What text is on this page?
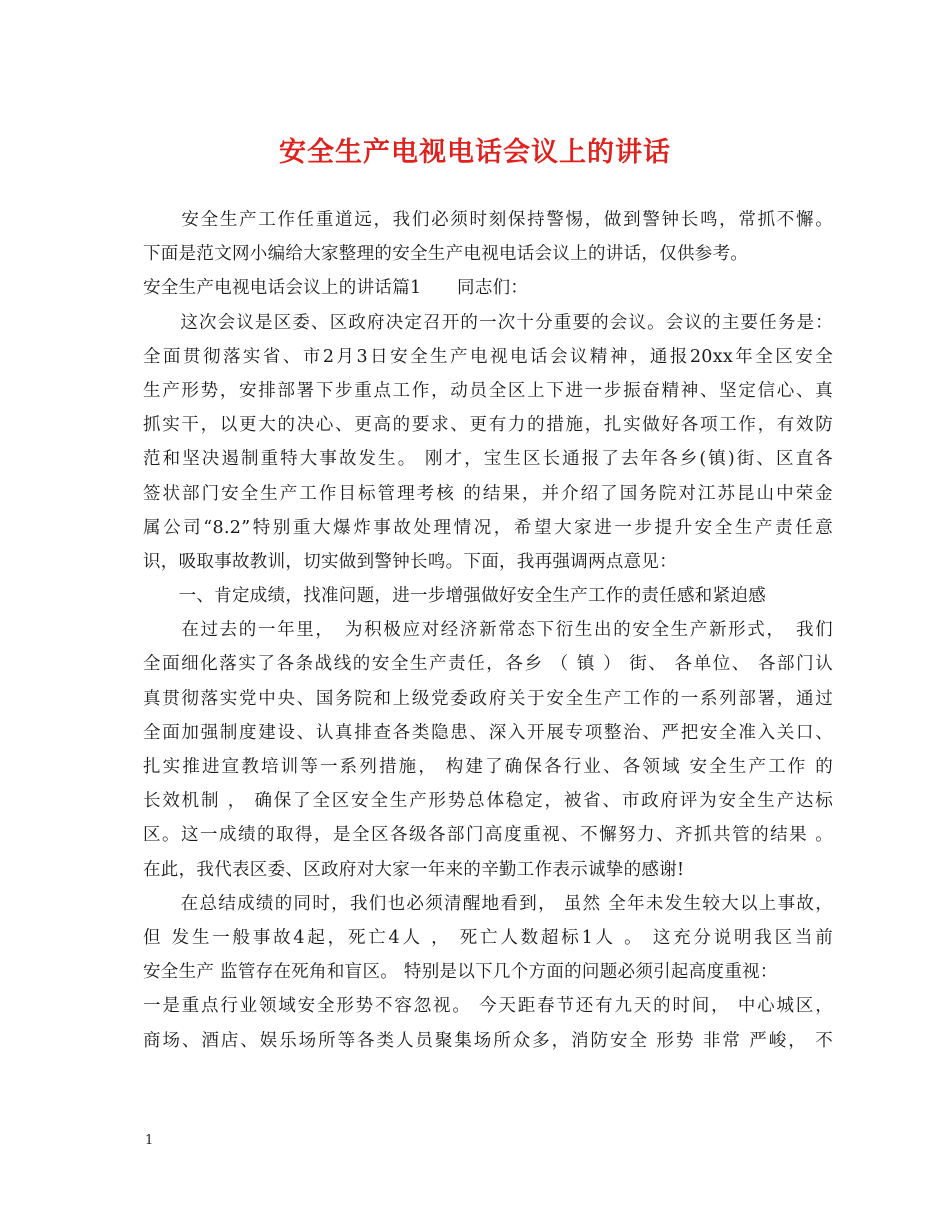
安全生产电视电话会议上的讲话
　　安全生产工作任重道远，我们必须时刻保持警惕，做到警钟长鸣，常抓不懈。
下面是范文网小编给大家整理的安全生产电视电话会议上的讲话，仅供参考。
安全生产电视电话会议上的讲话篇1　　同志们：
　　这次会议是区委、区政府决定召开的一次十分重要的会议。会议的主要任务是：
全面贯彻落实省、市2月3日安全生产电视电话会议精神，通报20xx年全区安全
生产形势，安排部署下步重点工作，动员全区上下进一步振奋精神、坚定信心、真
抓实干，以更大的决心、更高的要求、更有力的措施，扎实做好各项工作，有效防
范和坚决遏制重特大事故发生。 刚才，宝生区长通报了去年各乡(镇)街、区直各
签状部门安全生产工作目标管理考核 的结果，并介绍了国务院对江苏昆山中荣金
属公司“8.2”特别重大爆炸事故处理情况，希望大家进一步提升安全生产责任意
识，吸取事故教训，切实做到警钟长鸣。下面，我再强调两点意见：
　　一、肯定成绩，找准问题，进一步增强做好安全生产工作的责任感和紧迫感
　　在过去的一年里，　为积极应对经济新常态下衍生出的安全生产新形式，　我们
全面细化落实了各条战线的安全生产责任，各乡 （ 镇 ） 街、 各单位、 各部门认
真贯彻落实党中央、国务院和上级党委政府关于安全生产工作的一系列部署，通过
全面加强制度建设、认真排查各类隐患、深入开展专项整治、严把安全准入关口、
扎实推进宣教培训等一系列措施， 构建了确保各行业、各领域 安全生产工作 的
长效机制 ， 确保了全区安全生产形势总体稳定，被省、市政府评为安全生产达标
区。这一成绩的取得，是全区各级各部门高度重视、不懈努力、齐抓共管的结果 。
在此，我代表区委、区政府对大家一年来的辛勤工作表示诚挚的感谢!
　　在总结成绩的同时，我们也必须清醒地看到， 虽然 全年未发生较大以上事故，
但 发生一般事故4起，死亡4人 ， 死亡人数超标1人 。 这充分说明我区当前
安全生产 监管存在死角和盲区。 特别是以下几个方面的问题必须引起高度重视：
一是重点行业领域安全形势不容忽视。 今天距春节还有九天的时间， 中心城区，
商场、酒店、娱乐场所等各类人员聚集场所众多，消防安全 形势 非常 严峻， 不
1
